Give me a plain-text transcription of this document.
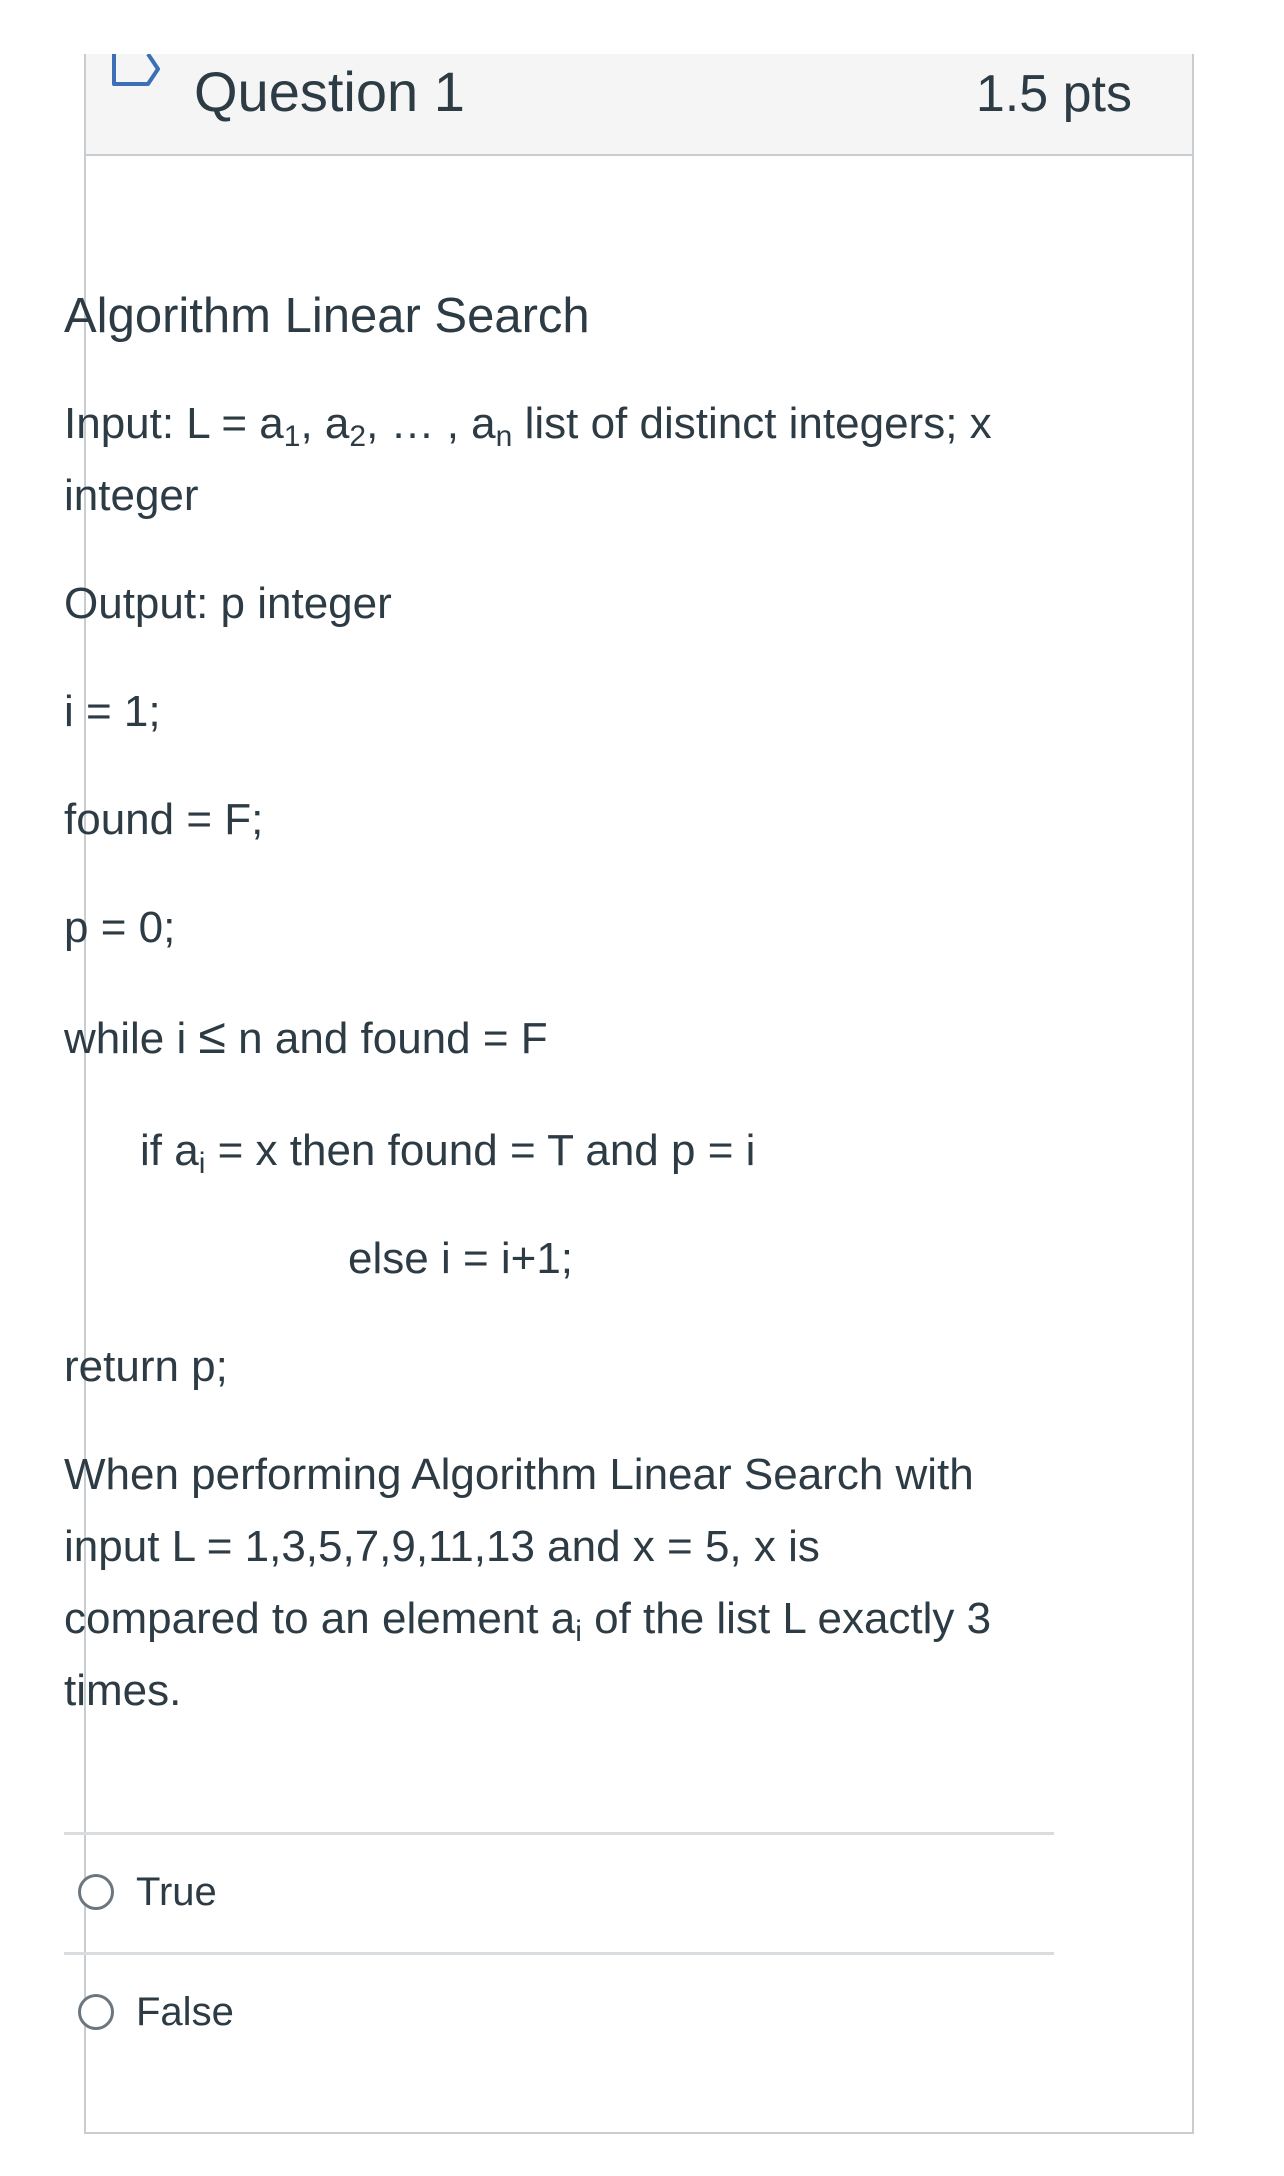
Question 1	1.5 pts
Algorithm Linear Search
Input: $L = a_1$, $a_2$, … , $a_n$ list of distinct integers; x
integer
Output: p integer
i = 1;
found = F;
p = 0;
while i ≤ n and found = F
if $a_i = x$ then found = T and p = i
else i = i+1;
return p;
When performing Algorithm Linear Search with
input L = 1,3,5,7,9,11,13 and x = 5, x is
compared to an element $a_i$ of the list L exactly 3
times.
True
False
